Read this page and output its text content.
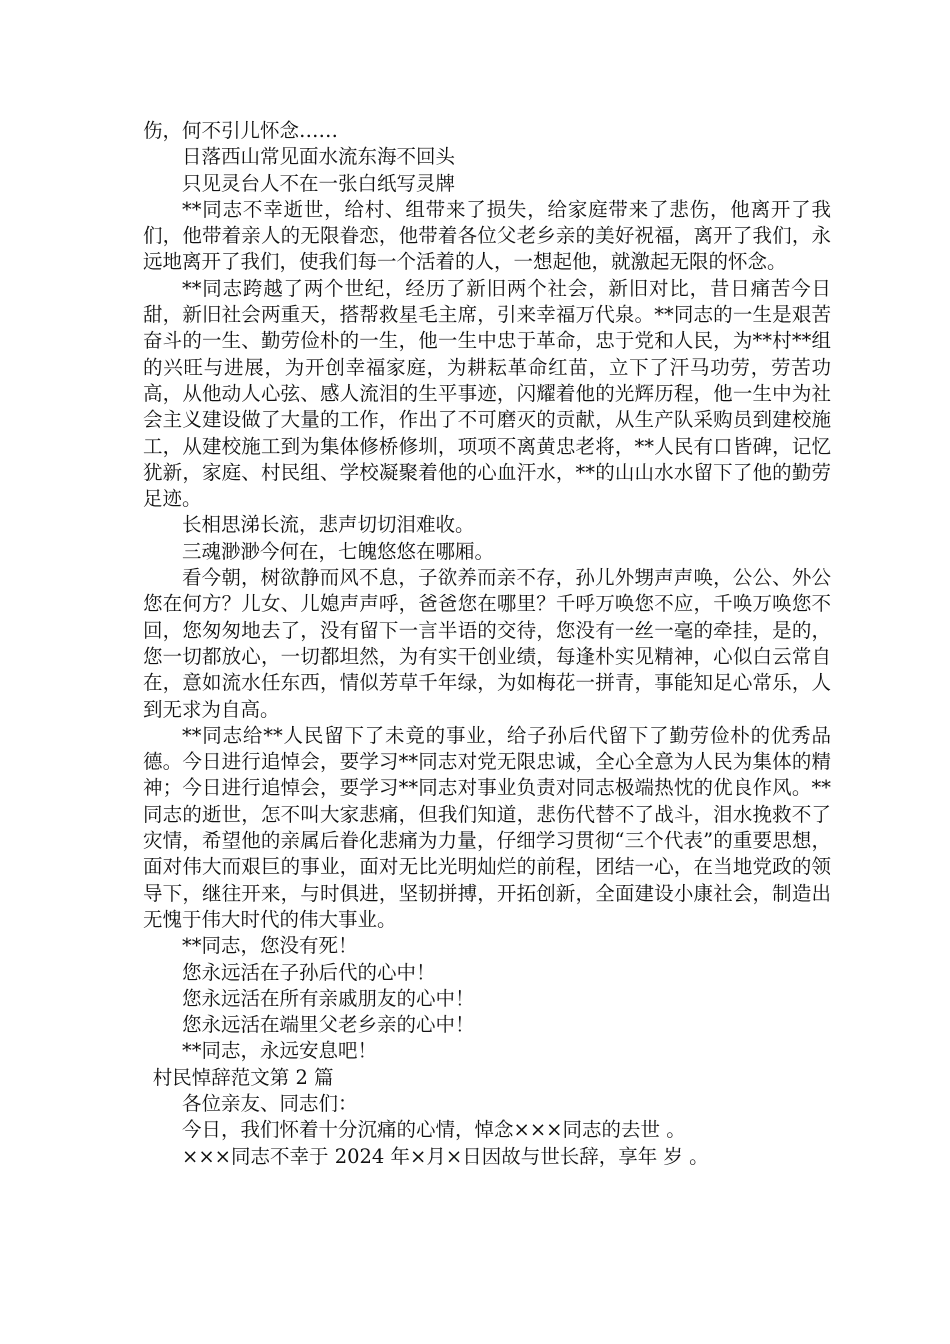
伤，何不引儿怀念……

日落西山常见面水流东海不回头

只见灵台人不在一张白纸写灵牌

**同志不幸逝世，给村、组带来了损失，给家庭带来了悲伤，他离开了我们，他带着亲人的无限眷恋，他带着各位父老乡亲的美好祝福，离开了我们，永远地离开了我们，使我们每一个活着的人，一想起他，就激起无限的怀念。

**同志跨越了两个世纪，经历了新旧两个社会，新旧对比，昔日痛苦今日甜，新旧社会两重天，搭帮救星毛主席，引来幸福万代泉。**同志的一生是艰苦奋斗的一生、勤劳俭朴的一生，他一生中忠于革命，忠于党和人民，为**村**组的兴旺与进展，为开创幸福家庭，为耕耘革命红苗，立下了汗马功劳，劳苦功高，从他动人心弦、感人流泪的生平事迹，闪耀着他的光辉历程，他一生中为社会主义建设做了大量的工作，作出了不可磨灭的贡献，从生产队采购员到建校施工，从建校施工到为集体修桥修圳，项项不离黄忠老将，**人民有口皆碑，记忆犹新，家庭、村民组、学校凝聚着他的心血汗水，**的山山水水留下了他的勤劳足迹。

长相思涕长流，悲声切切泪难收。

三魂渺渺今何在，七魄悠悠在哪厢。

看今朝，树欲静而风不息，子欲养而亲不存，孙儿外甥声声唤，公公、外公您在何方？儿女、儿媳声声呼，爸爸您在哪里？千呼万唤您不应，千唤万唤您不回，您匆匆地去了，没有留下一言半语的交待，您没有一丝一毫的牵挂，是的，您一切都放心，一切都坦然，为有实干创业绩，每逢朴实见精神，心似白云常自在，意如流水任东西，情似芳草千年绿，为如梅花一拼青，事能知足心常乐，人到无求为自高。

**同志给**人民留下了未竟的事业，给子孙后代留下了勤劳俭朴的优秀品德。今日进行追悼会，要学习**同志对党无限忠诚，全心全意为人民为集体的精神；今日进行追悼会，要学习**同志对事业负责对同志极端热忱的优良作风。**同志的逝世，怎不叫大家悲痛，但我们知道，悲伤代替不了战斗，泪水挽救不了灾情，希望他的亲属后眷化悲痛为力量，仔细学习贯彻“三个代表”的重要思想，面对伟大而艰巨的事业，面对无比光明灿烂的前程，团结一心，在当地党政的领导下，继往开来，与时俱进，坚韧拼搏，开拓创新，全面建设小康社会，制造出无愧于伟大时代的伟大事业。

**同志，您没有死！

您永远活在子孙后代的心中！

您永远活在所有亲戚朋友的心中！

您永远活在端里父老乡亲的心中！

**同志，永远安息吧！

村民悼辞范文第 2 篇

各位亲友、同志们：

今日，我们怀着十分沉痛的心情，悼念×××同志的去世 。

×××同志不幸于 2024 年×月×日因故与世长辞，享年 岁 。
